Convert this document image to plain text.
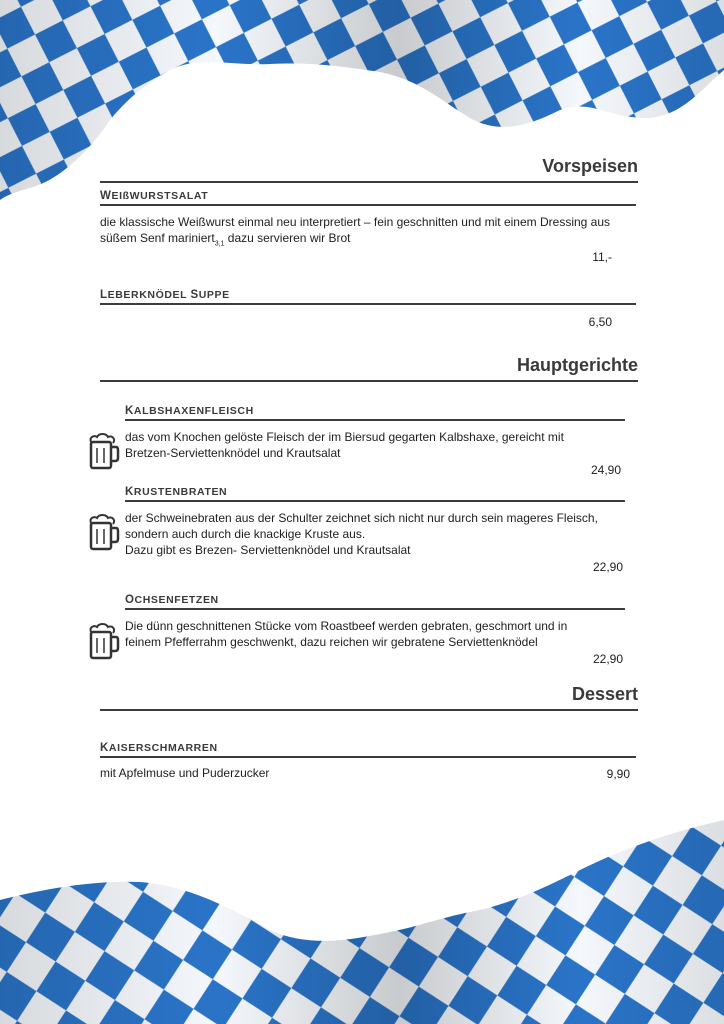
Vorspeisen
WEIßWURSTSALAT
die klassische Weißwurst einmal neu interpretiert – fein geschnitten und mit einem Dressing aus
süßem Senf mariniert$_{3,1}$ dazu servieren wir Brot
11,-
LEBERKNÖDEL SUPPE
6,50
Hauptgerichte
KALBSHAXENFLEISCH
das vom Knochen gelöste Fleisch der im Biersud gegarten Kalbshaxe, gereicht mit
Bretzen-Serviettenknödel und Krautsalat
24,90
KRUSTENBRATEN
der Schweinebraten aus der Schulter zeichnet sich nicht nur durch sein mageres Fleisch,
sondern auch durch die knackige Kruste aus.
Dazu gibt es Brezen- Serviettenknödel und Krautsalat
22,90
OCHSENFETZEN
Die dünn geschnittenen Stücke vom Roastbeef werden gebraten, geschmort und in
feinem Pfefferrahm geschwenkt, dazu reichen wir gebratene Serviettenknödel
22,90
Dessert
KAISERSCHMARREN
mit Apfelmuse und Puderzucker	9,90
